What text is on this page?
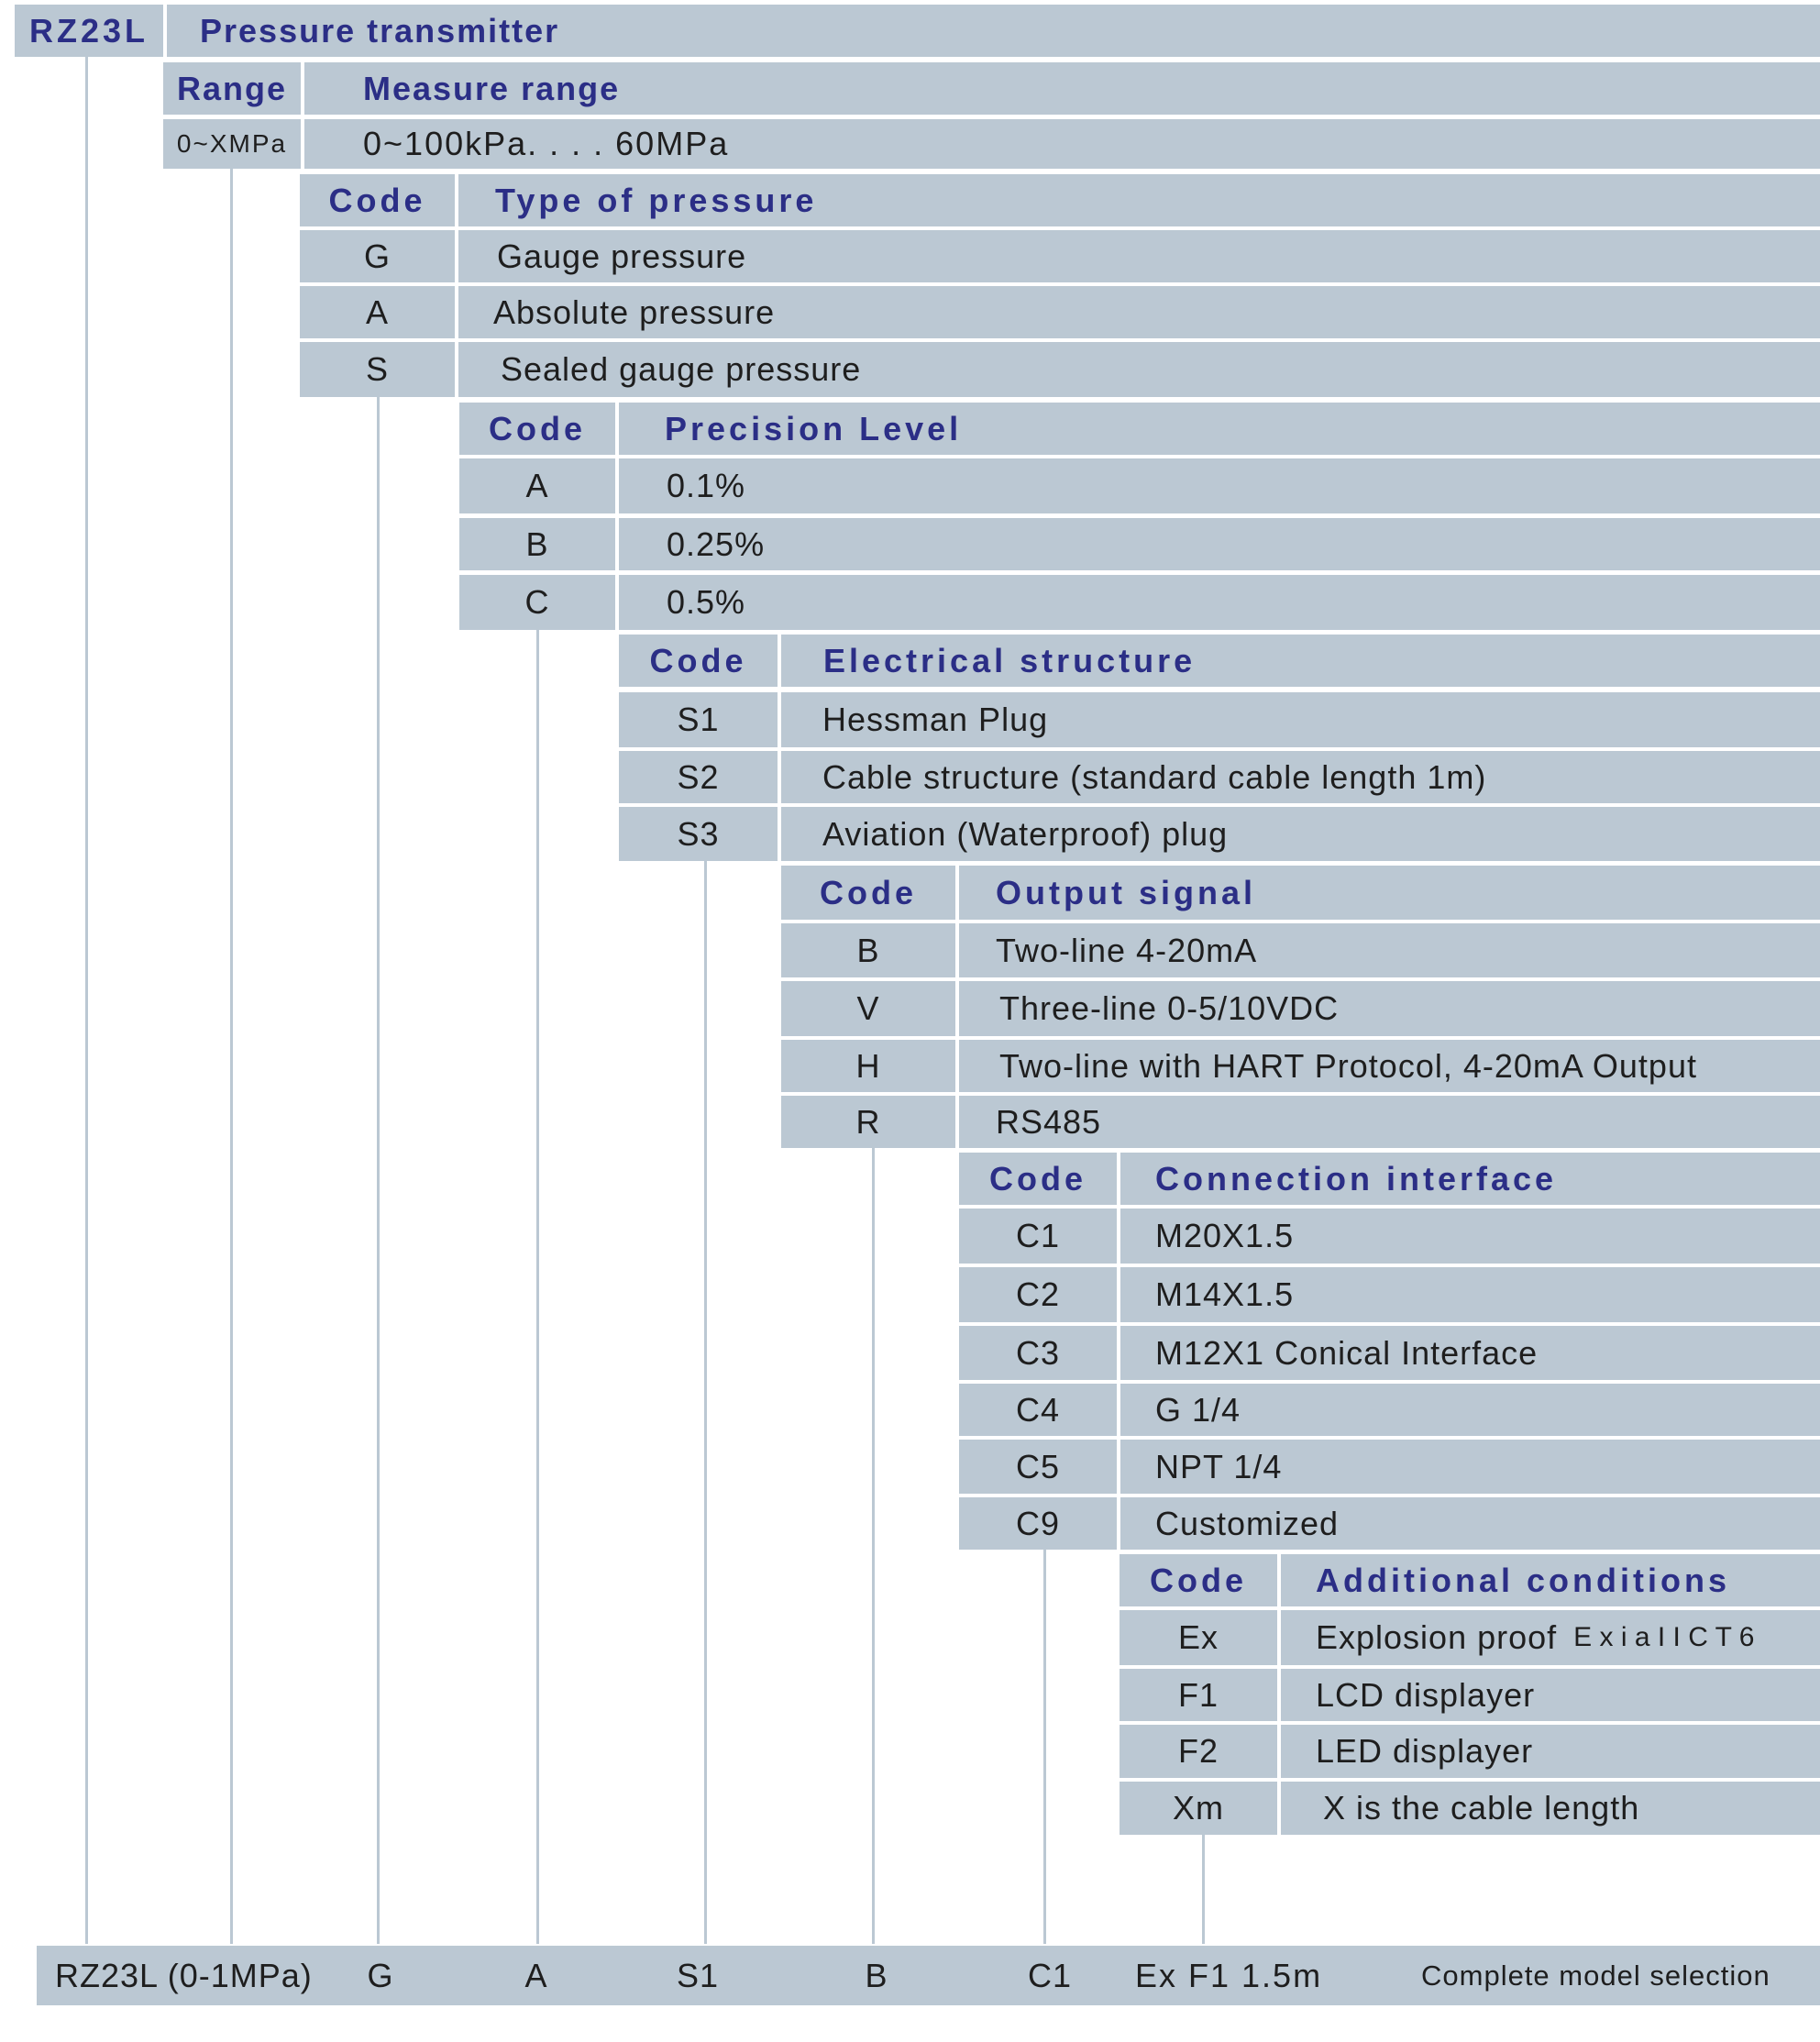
RZ23L	Pressure transmitter
Range	Measure range
0~XMPa	0~100kPa. . . . 60MPa
Code	Type of pressure
G	Gauge pressure
A	Absolute pressure
S	Sealed gauge pressure
Code	Precision Level
A	0.1%
B	0.25%
C	0.5%
Code	Electrical structure
S1	Hessman Plug
S2	Cable structure (standard cable length 1m)
S3	Aviation (Waterproof) plug
Code	Output signal
B	Two-line 4-20mA
V	Three-line 0-5/10VDC
H	Two-line with HART Protocol, 4-20mA Output
R	RS485
Code	Connection interface
C1	M20X1.5
C2	M14X1.5
C3	M12X1 Conical Interface
C4	G 1/4
C5	NPT 1/4
C9	Customized
Code	Additional conditions
Ex	Explosion proof E x i a I I C T 6
F1	LCD displayer
F2	LED displayer
Xm	X is the cable length
RZ23L (0-1MPa)	G	A	S1	B	C1	Ex F1 1.5m	Complete model selection
